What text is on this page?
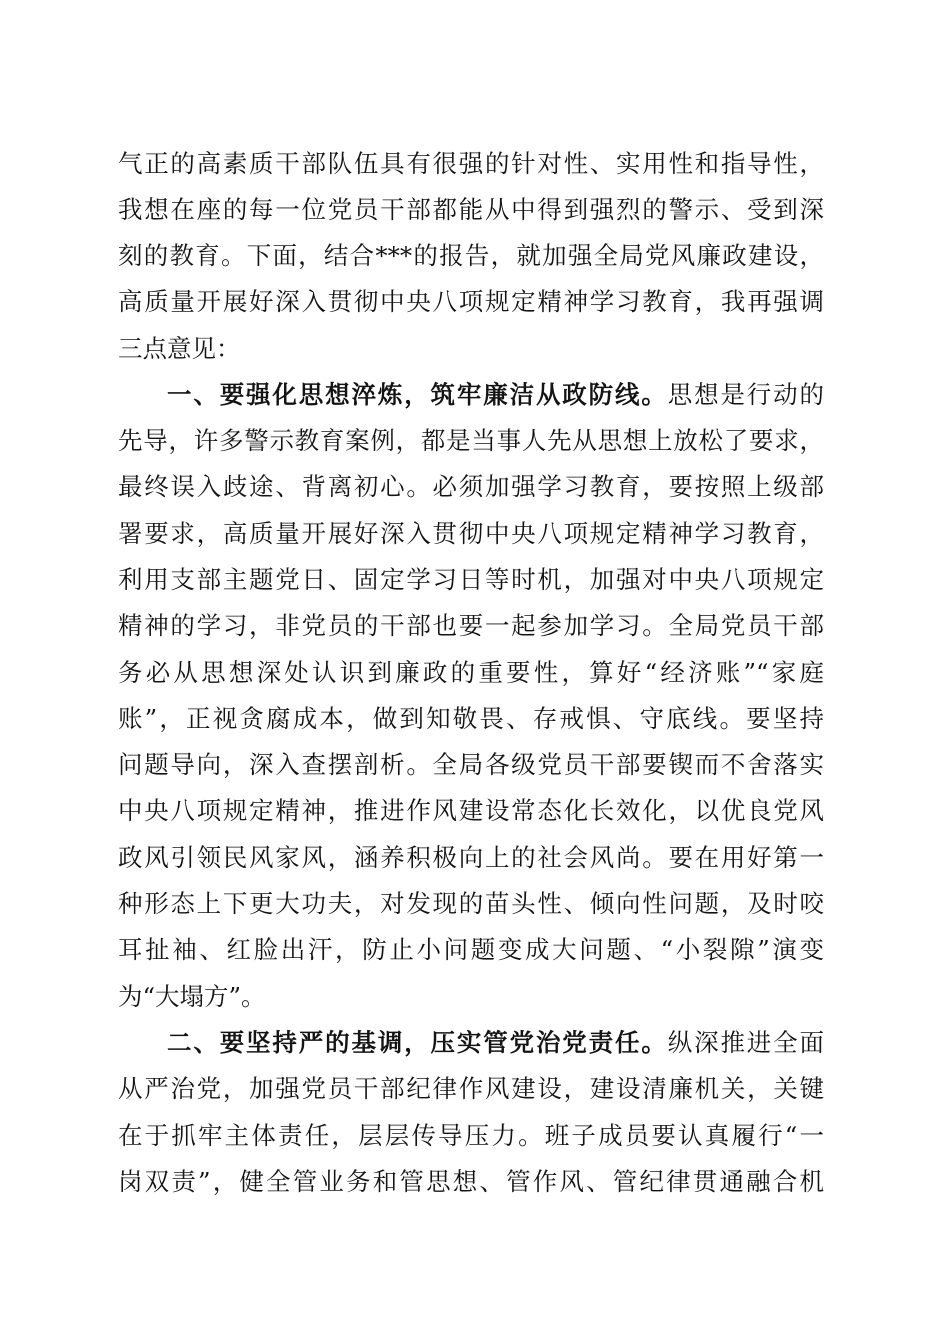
气正的高素质干部队伍具有很强的针对性、实用性和指导性，
我想在座的每一位党员干部都能从中得到强烈的警示、受到深
刻的教育。下面，结合***的报告，就加强全局党风廉政建设，
高质量开展好深入贯彻中央八项规定精神学习教育，我再强调
三点意见：
一、要强化思想淬炼，筑牢廉洁从政防线。思想是行动的
先导，许多警示教育案例，都是当事人先从思想上放松了要求，
最终误入歧途、背离初心。必须加强学习教育，要按照上级部
署要求，高质量开展好深入贯彻中央八项规定精神学习教育，
利用支部主题党日、固定学习日等时机，加强对中央八项规定
精神的学习，非党员的干部也要一起参加学习。全局党员干部
务必从思想深处认识到廉政的重要性，算好“经济账”“家庭
账”，正视贪腐成本，做到知敬畏、存戒惧、守底线。要坚持
问题导向，深入查摆剖析。全局各级党员干部要锲而不舍落实
中央八项规定精神，推进作风建设常态化长效化，以优良党风
政风引领民风家风，涵养积极向上的社会风尚。要在用好第一
种形态上下更大功夫，对发现的苗头性、倾向性问题，及时咬
耳扯袖、红脸出汗，防止小问题变成大问题、“小裂隙”演变
为“大塌方”。
二、要坚持严的基调，压实管党治党责任。纵深推进全面
从严治党，加强党员干部纪律作风建设，建设清廉机关，关键
在于抓牢主体责任，层层传导压力。班子成员要认真履行“一
岗双责”，健全管业务和管思想、管作风、管纪律贯通融合机
